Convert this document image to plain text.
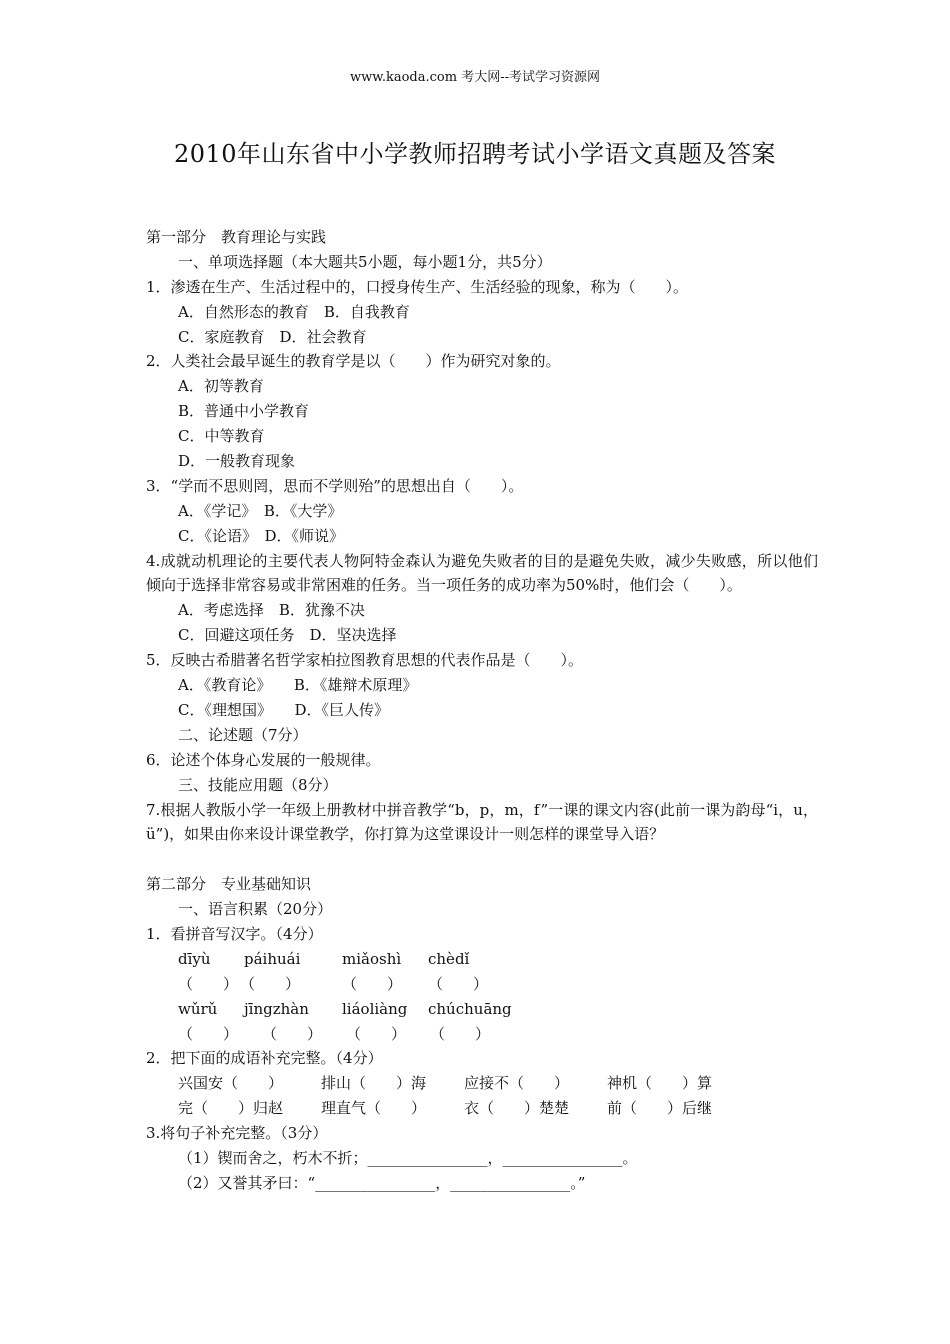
www.kaoda.com 考大网--考试学习资源网
2010年山东省中小学教师招聘考试小学语文真题及答案
第一部分　教育理论与实践
一、单项选择题（本大题共5小题，每小题1分，共5分）
1．渗透在生产、生活过程中的，口授身传生产、生活经验的现象，称为（　　）。
A．自然形态的教育　B．自我教育
C．家庭教育　D．社会教育
2．人类社会最早诞生的教育学是以（　　）作为研究对象的。
A．初等教育
B．普通中小学教育
C．中等教育
D．一般教育现象
3．“学而不思则罔，思而不学则殆”的思想出自（　　）。
A．《学记》　B．《大学》
C．《论语》　D．《师说》
4.成就动机理论的主要代表人物阿特金森认为避免失败者的目的是避免失败，减少失败感，所以他们倾向于选择非常容易或非常困难的任务。当一项任务的成功率为50%时，他们会（　　）。
A．考虑选择　B．犹豫不决
C．回避这项任务　D．坚决选择
5．反映古希腊著名哲学家柏拉图教育思想的代表作品是（　　）。
A．《教育论》　　B．《雄辩术原理》
C．《理想国》　　D．《巨人传》
二、论述题（7分）
6．论述个体身心发展的一般规律。
三、技能应用题（8分）
7.根据人教版小学一年级上册教材中拼音教学“b，p，m，f”一课的课文内容(此前一课为韵母“i，u，ü”)，如果由你来设计课堂教学，你打算为这堂课设计一则怎样的课堂导入语？
第二部分　专业基础知识
一、语言积累（20分）
1．看拼音写汉字。（4分）
dīyù	páihuái	miǎoshì	chèdǐ
（　　） （　　）	（　　）	（　　）
wǔrǔ	jīngzhàn	liáoliàng	chúchuāng
（　　）	（　　）	（　　）	（　　）
2．把下面的成语补充完整。（4分）
兴国安（　　）	排山（　　）海	应接不（　　）	神机（　　）算
完（　　）归赵	理直气（　　）	衣（　　）楚楚	前（　　）后继
3.将句子补充完整。（3分）
（1）锲而舍之，朽木不折；________________，________________。
（2）又誉其矛曰：“________________，________________。”
